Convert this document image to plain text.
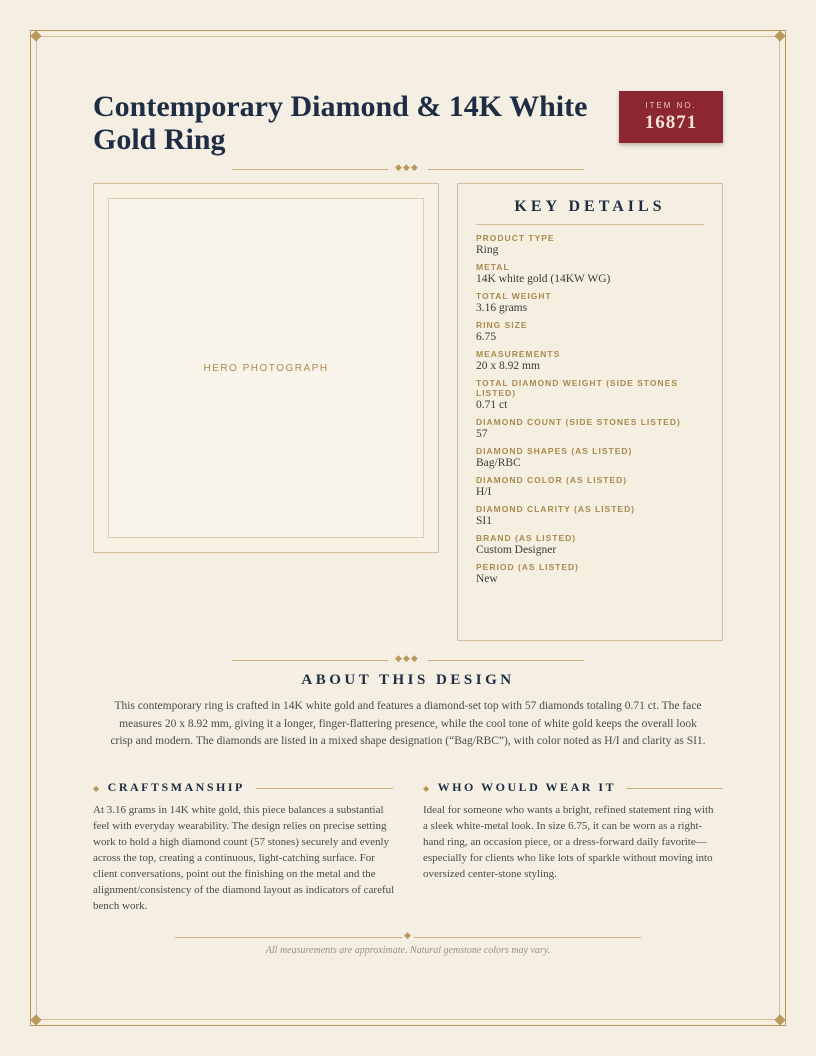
Contemporary Diamond & 14K White Gold Ring
ITEM NO.
16871
◆◆◆
HERO PHOTOGRAPH
KEY DETAILS
PRODUCT TYPE
Ring
METAL
14K white gold (14KW WG)
TOTAL WEIGHT
3.16 grams
RING SIZE
6.75
MEASUREMENTS
20 x 8.92 mm
TOTAL DIAMOND WEIGHT (SIDE STONES LISTED)
0.71 ct
DIAMOND COUNT (SIDE STONES LISTED)
57
DIAMOND SHAPES (AS LISTED)
Bag/RBC
DIAMOND COLOR (AS LISTED)
H/I
DIAMOND CLARITY (AS LISTED)
SI1
BRAND (AS LISTED)
Custom Designer
PERIOD (AS LISTED)
New
◆◆◆
ABOUT THIS DESIGN

This contemporary ring is crafted in 14K white gold and features a diamond-set top with 57 diamonds totaling 0.71 ct. The face measures 20 x 8.92 mm, giving it a longer, finger-flattering presence, while the cool tone of white gold keeps the overall look crisp and modern. The diamonds are listed in a mixed shape designation (“Bag/RBC”), with color noted as H/I and clarity as SI1.

◆ CRAFTSMANSHIP

At 3.16 grams in 14K white gold, this piece balances a substantial feel with everyday wearability. The design relies on precise setting work to hold a high diamond count (57 stones) securely and evenly across the top, creating a continuous, light-catching surface. For client conversations, point out the finishing on the metal and the alignment/consistency of the diamond layout as indicators of careful bench work.

◆ WHO WOULD WEAR IT

Ideal for someone who wants a bright, refined statement ring with a sleek white-metal look. In size 6.75, it can be worn as a right-hand ring, an occasion piece, or a dress-forward daily favorite—especially for clients who like lots of sparkle without moving into oversized center-stone styling.

◆

All measurements are approximate. Natural gemstone colors may vary.
